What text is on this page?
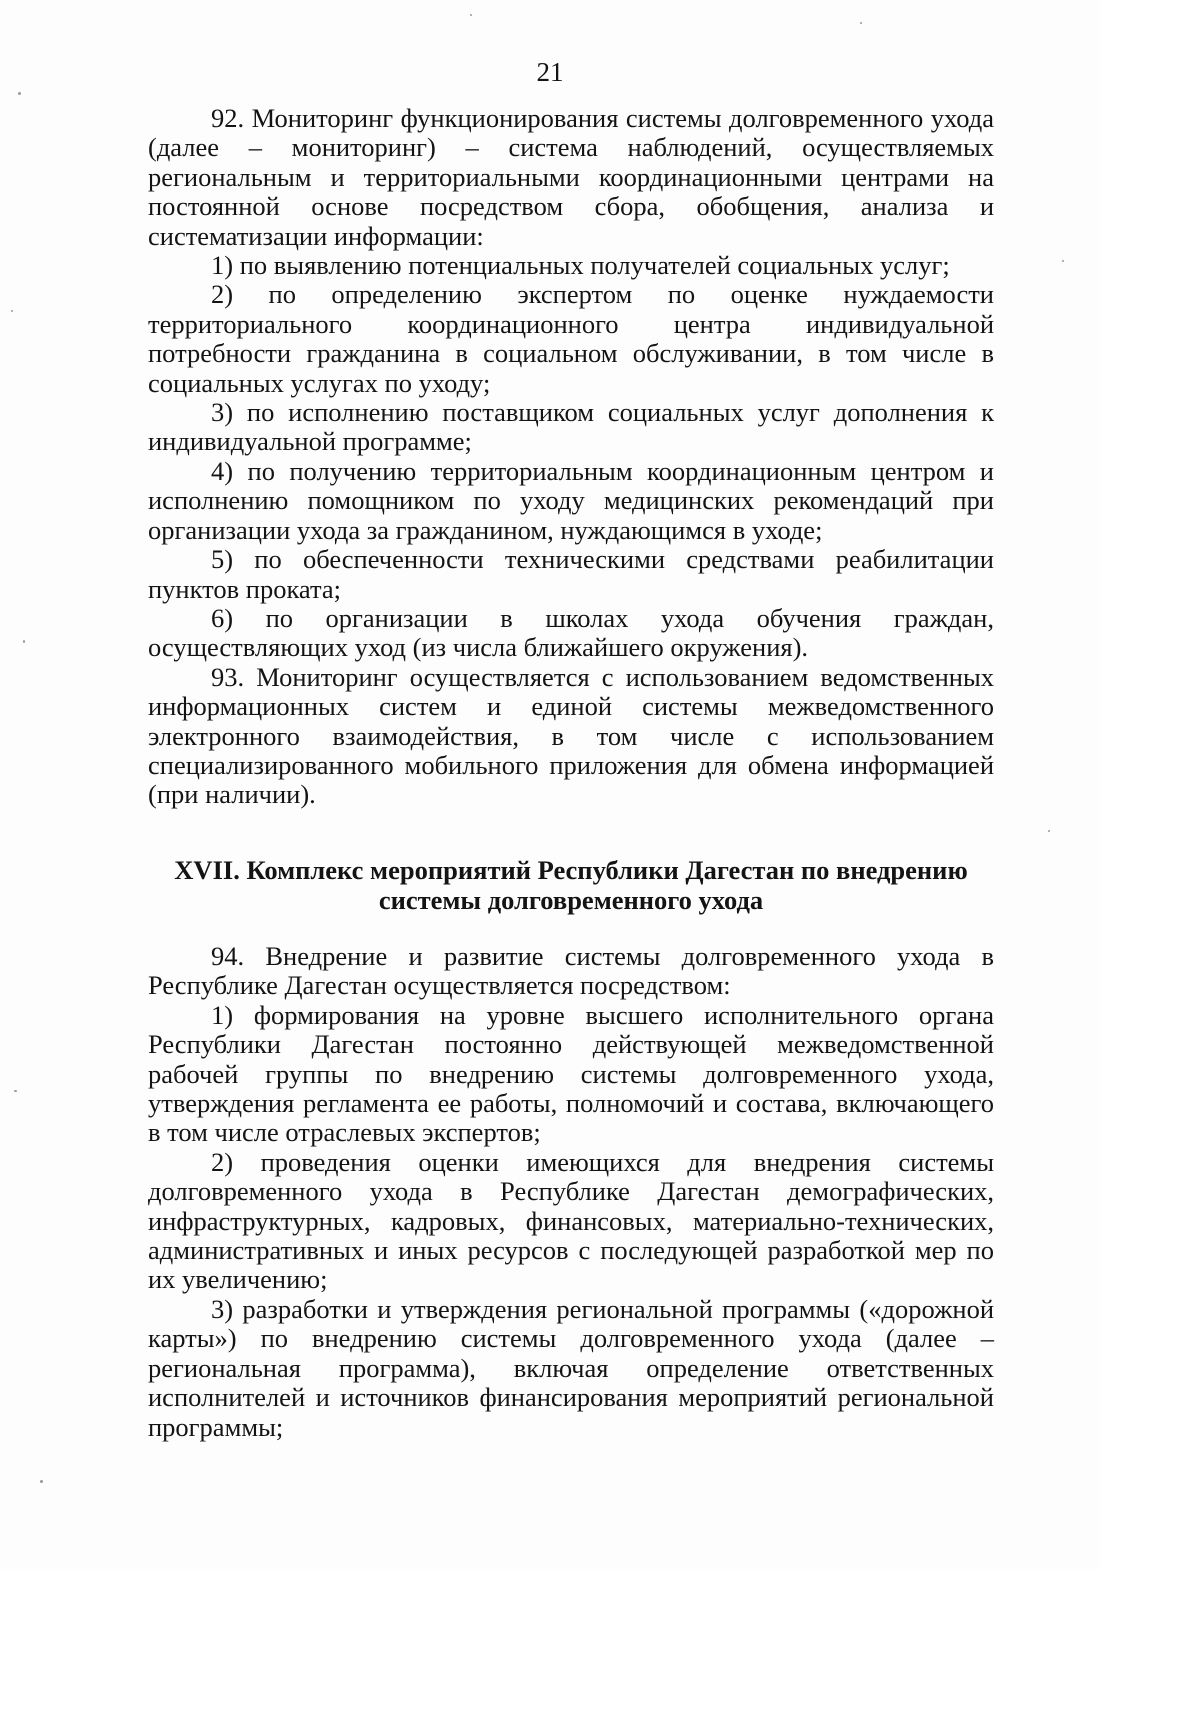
21

92. Мониторинг функционирования системы долговременного ухода (далее – мониторинг) – система наблюдений, осуществляемых региональным и территориальными координационными центрами на постоянной основе посредством сбора, обобщения, анализа и систематизации информации:

1) по выявлению потенциальных получателей социальных услуг;

2) по определению экспертом по оценке нуждаемости территориального координационного центра индивидуальной потребности гражданина в социальном обслуживании, в том числе в социальных услугах по уходу;

3) по исполнению поставщиком социальных услуг дополнения к индивидуальной программе;

4) по получению территориальным координационным центром и исполнению помощником по уходу медицинских рекомендаций при организации ухода за гражданином, нуждающимся в уходе;

5) по обеспеченности техническими средствами реабилитации пунктов проката;

6) по организации в школах ухода обучения граждан, осуществляющих уход (из числа ближайшего окружения).

93. Мониторинг осуществляется с использованием ведомственных информационных систем и единой системы межведомственного электронного взаимодействия, в том числе с использованием специализированного мобильного приложения для обмена информацией (при наличии).

XVII. Комплекс мероприятий Республики Дагестан по внедрению
системы долговременного ухода

94. Внедрение и развитие системы долговременного ухода в Республике Дагестан осуществляется посредством:

1) формирования на уровне высшего исполнительного органа Республики Дагестан постоянно действующей межведомственной рабочей группы по внедрению системы долговременного ухода, утверждения регламента ее работы, полномочий и состава, включающего в том числе отраслевых экспертов;

2) проведения оценки имеющихся для внедрения системы долговременного ухода в Республике Дагестан демографических, инфраструктурных, кадровых, финансовых, материально-технических, административных и иных ресурсов с последующей разработкой мер по их увеличению;

3) разработки и утверждения региональной программы («дорожной карты») по внедрению системы долговременного ухода (далее – региональная программа), включая определение ответственных исполнителей и источников финансирования мероприятий региональной программы;
